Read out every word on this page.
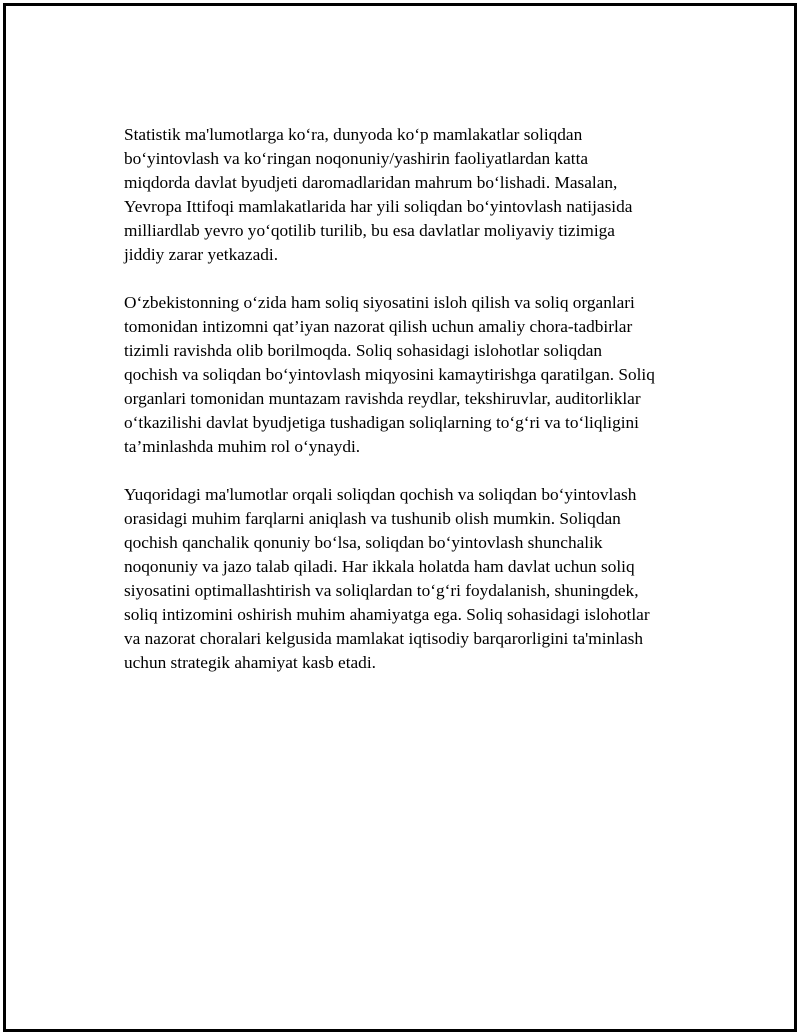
Statistik ma'lumotlarga ko‘ra, dunyoda ko‘p mamlakatlar soliqdan
bo‘yintovlash va ko‘ringan noqonuniy/yashirin faoliyatlardan katta
miqdorda davlat byudjeti daromadlaridan mahrum bo‘lishadi. Masalan,
Yevropa Ittifoqi mamlakatlarida har yili soliqdan bo‘yintovlash natijasida
milliardlab yevro yo‘qotilib turilib, bu esa davlatlar moliyaviy tizimiga
jiddiy zarar yetkazadi.

O‘zbekistonning o‘zida ham soliq siyosatini isloh qilish va soliq organlari
tomonidan intizomni qat’iyan nazorat qilish uchun amaliy chora-tadbirlar
tizimli ravishda olib borilmoqda. Soliq sohasidagi islohotlar soliqdan
qochish va soliqdan bo‘yintovlash miqyosini kamaytirishga qaratilgan. Soliq
organlari tomonidan muntazam ravishda reydlar, tekshiruvlar, auditorliklar
o‘tkazilishi davlat byudjetiga tushadigan soliqlarning to‘g‘ri va to‘liqligini
ta’minlashda muhim rol o‘ynaydi.

Yuqoridagi ma'lumotlar orqali soliqdan qochish va soliqdan bo‘yintovlash
orasidagi muhim farqlarni aniqlash va tushunib olish mumkin. Soliqdan
qochish qanchalik qonuniy bo‘lsa, soliqdan bo‘yintovlash shunchalik
noqonuniy va jazo talab qiladi. Har ikkala holatda ham davlat uchun soliq
siyosatini optimallashtirish va soliqlardan to‘g‘ri foydalanish, shuningdek,
soliq intizomini oshirish muhim ahamiyatga ega. Soliq sohasidagi islohotlar
va nazorat choralari kelgusida mamlakat iqtisodiy barqarorligini ta'minlash
uchun strategik ahamiyat kasb etadi.
